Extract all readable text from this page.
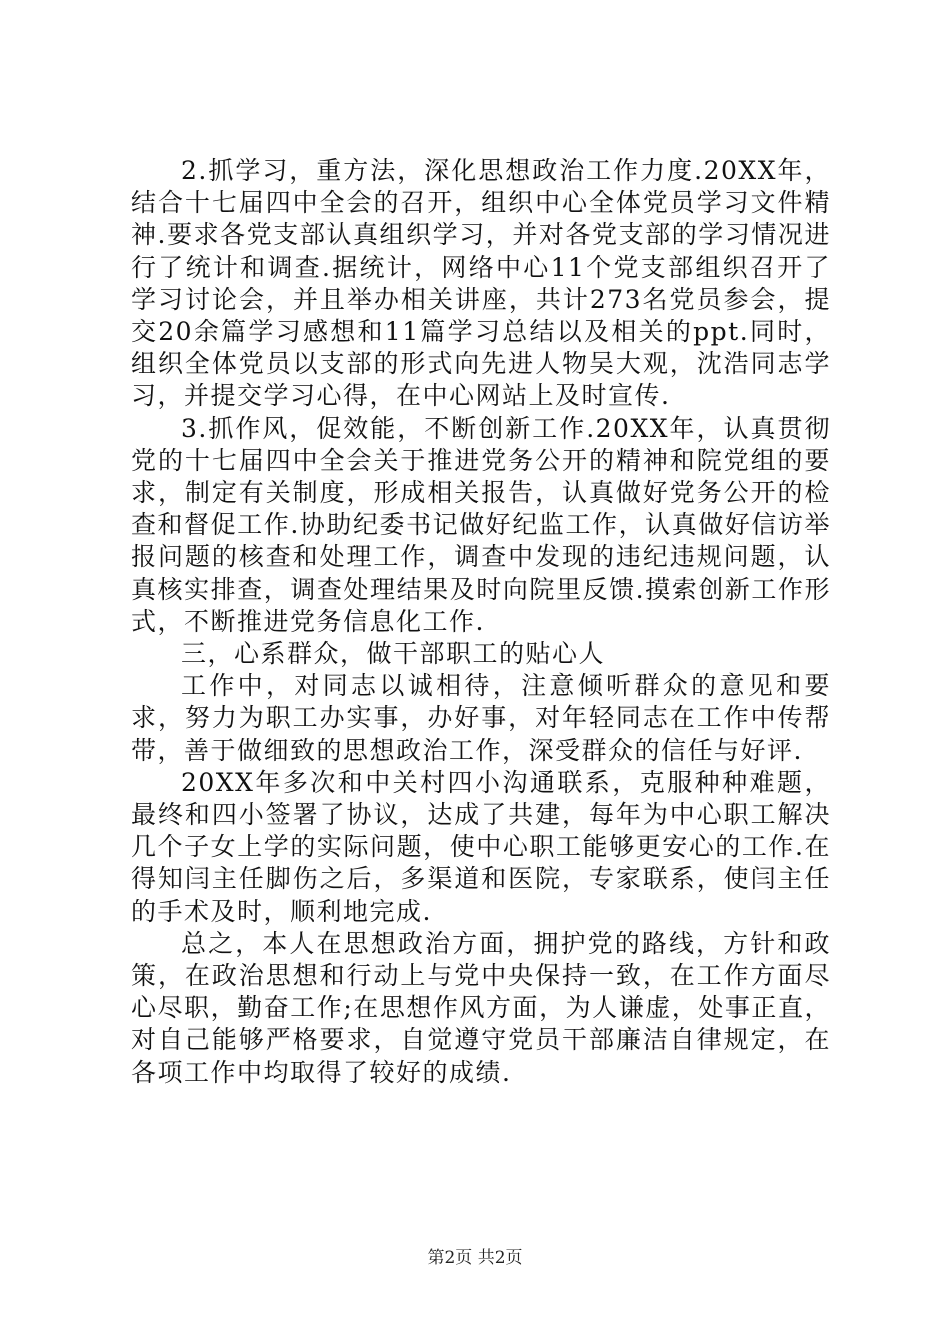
2.抓学习，重方法，深化思想政治工作力度.20XX年，结合十七届四中全会的召开，组织中心全体党员学习文件精神.要求各党支部认真组织学习，并对各党支部的学习情况进行了统计和调查.据统计，网络中心11个党支部组织召开了学习讨论会，并且举办相关讲座，共计273名党员参会，提交20余篇学习感想和11篇学习总结以及相关的ppt.同时，组织全体党员以支部的形式向先进人物吴大观，沈浩同志学习，并提交学习心得，在中心网站上及时宣传.

3.抓作风，促效能，不断创新工作.20XX年，认真贯彻党的十七届四中全会关于推进党务公开的精神和院党组的要求，制定有关制度，形成相关报告，认真做好党务公开的检查和督促工作.协助纪委书记做好纪监工作，认真做好信访举报问题的核查和处理工作，调查中发现的违纪违规问题，认真核实排查，调查处理结果及时向院里反馈.摸索创新工作形式，不断推进党务信息化工作.

三，心系群众，做干部职工的贴心人

工作中，对同志以诚相待，注意倾听群众的意见和要求，努力为职工办实事，办好事，对年轻同志在工作中传帮带，善于做细致的思想政治工作，深受群众的信任与好评.

20XX年多次和中关村四小沟通联系，克服种种难题，最终和四小签署了协议，达成了共建，每年为中心职工解决几个子女上学的实际问题，使中心职工能够更安心的工作.在得知闫主任脚伤之后，多渠道和医院，专家联系，使闫主任的手术及时，顺利地完成.

总之，本人在思想政治方面，拥护党的路线，方针和政策，在政治思想和行动上与党中央保持一致，在工作方面尽心尽职，勤奋工作;在思想作风方面，为人谦虚，处事正直，对自己能够严格要求，自觉遵守党员干部廉洁自律规定，在各项工作中均取得了较好的成绩.

第2页 共2页
